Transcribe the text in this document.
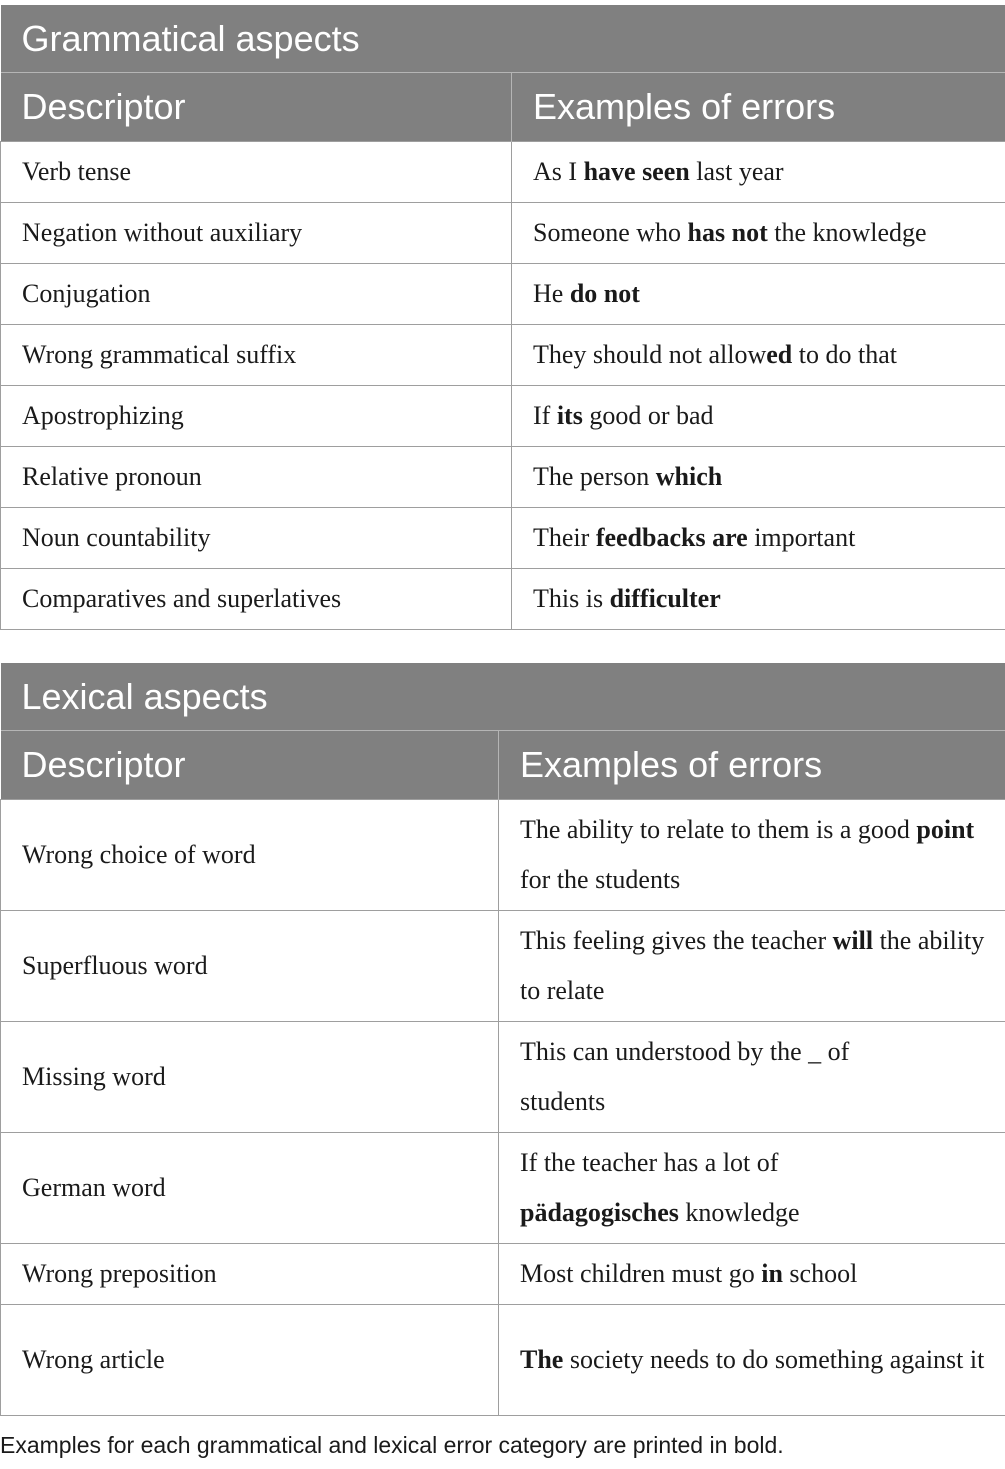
Grammatical aspects	
Descriptor	Examples of errors
Verb tense	As I have seen last year
Negation without auxiliary	Someone who has not the knowledge
Conjugation	He do not
Wrong grammatical suffix	They should not allowed to do that
Apostrophizing	If its good or bad
Relative pronoun	The person which
Noun countability	Their feedbacks are important
Comparatives and superlatives	This is difficulter
Lexical aspects	
Descriptor	Examples of errors
Wrong choice of word	The ability to relate to them is a good point for the students
Superfluous word	This feeling gives the teacher will the ability to relate
Missing word	This can understood by the _ of students
German word	If the teacher has a lot of pädagogisches knowledge
Wrong preposition	Most children must go in school
Wrong article	The society needs to do something against it
Examples for each grammatical and lexical error category are printed in bold.
